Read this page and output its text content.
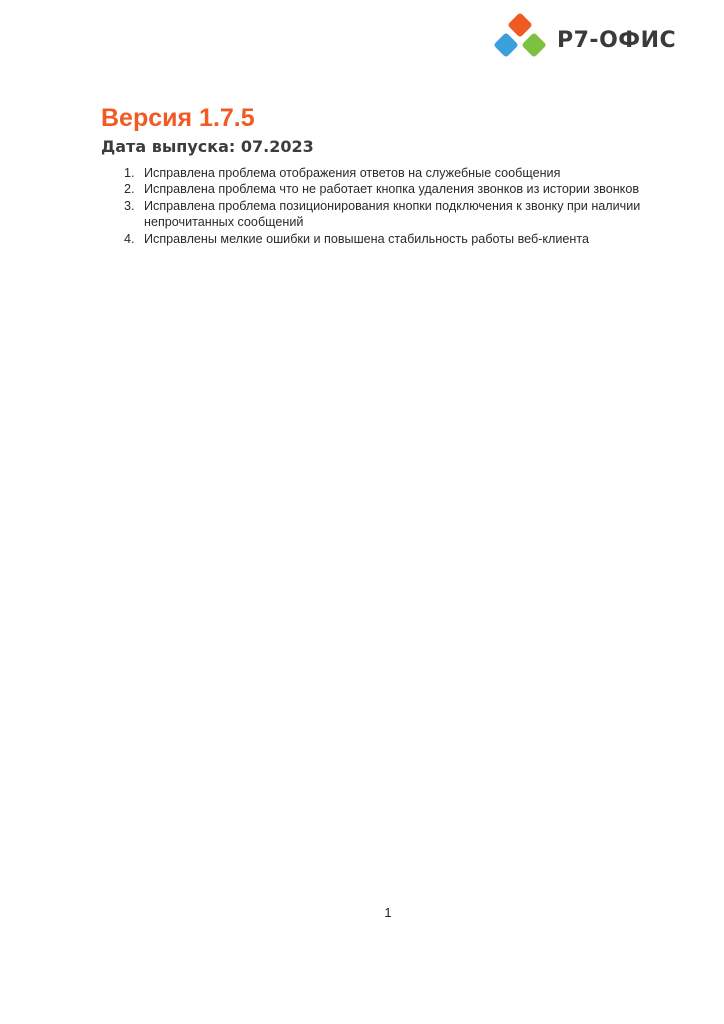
Р7-ОФИС
Версия 1.7.5
Дата выпуска: 07.2023
1. Исправлена проблема отображения ответов на служебные сообщения
2. Исправлена проблема что не работает кнопка удаления звонков из истории звонков
3. Исправлена проблема позиционирования кнопки подключения к звонку при наличии непрочитанных сообщений
4. Исправлены мелкие ошибки и повышена стабильность работы веб-клиента
1
